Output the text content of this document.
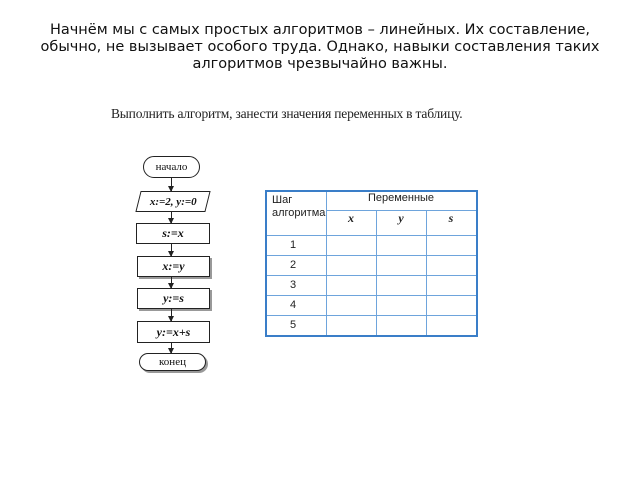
Начнём мы с самых простых алгоритмов – линейных. Их составление, обычно, не вызывает особого труда. Однако, навыки составления таких алгоритмов чрезвычайно важны.
Выполнить алгоритм, занести значения переменных в таблицу.
начало
x:=2, y:=0
s:=x
x:=y
y:=s
y:=x+s
конец
Шаг алгоритма	Переменные		
	x	y	s
1			
2			
3			
4			
5			
